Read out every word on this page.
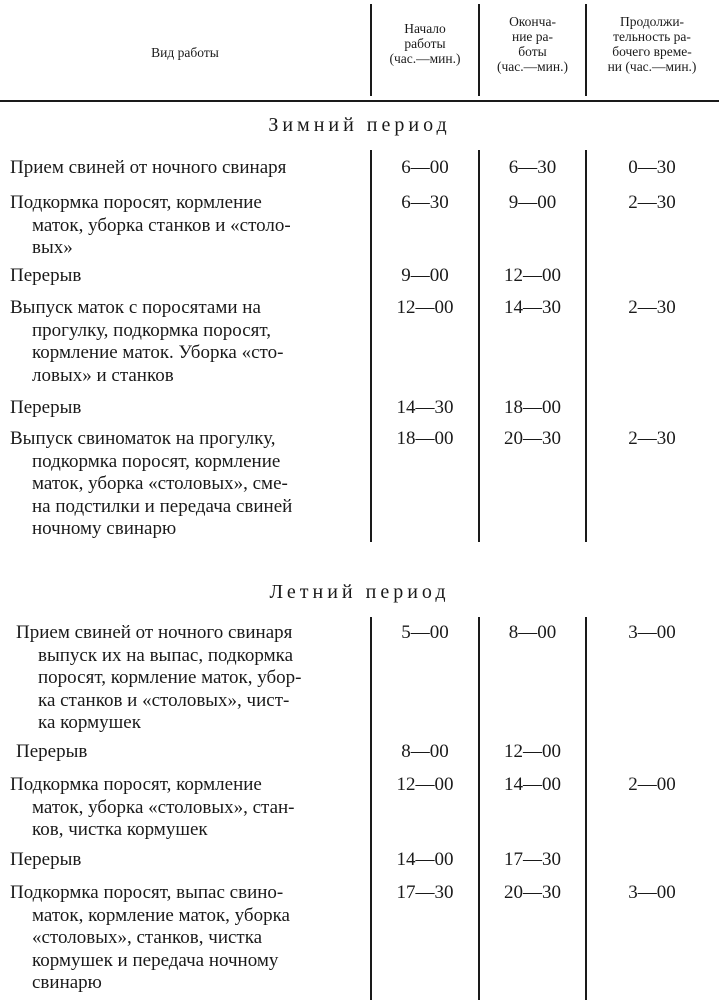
Вид работы
Начало
работы
(час.—мин.)
Оконча-
ние ра-
боты
(час.—мин.)
Продолжи-
тельность ра-
бочего време-
ни (час.—мин.)
Зимний период
Прием свиней от ночного свинаря	6—00	6—30	0—30
Подкормка поросят, кормление
маток, уборка станков и «столо-
вых»
6—30	9—00	2—30
Перерыв	9—00	12—00
Выпуск маток с поросятами на
прогулку, подкормка поросят,
кормление маток. Уборка «сто-
ловых» и станков
12—00	14—30	2—30
Перерыв	14—30	18—00
Выпуск свиноматок на прогулку,
подкормка поросят, кормление
маток, уборка «столовых», сме-
на подстилки и передача свиней
ночному свинарю
18—00	20—30	2—30
Летний период
Прием свиней от ночного свинаря
выпуск их на выпас, подкормка
поросят, кормление маток, убор-
ка станков и «столовых», чист-
ка кормушек
5—00	8—00	3—00
Перерыв	8—00	12—00
Подкормка поросят, кормление
маток, уборка «столовых», стан-
ков, чистка кормушек
12—00	14—00	2—00
Перерыв	14—00	17—30
Подкормка поросят, выпас свино-
маток, кормление маток, уборка
«столовых», станков, чистка
кормушек и передача ночному
свинарю
17—30	20—30	3—00
